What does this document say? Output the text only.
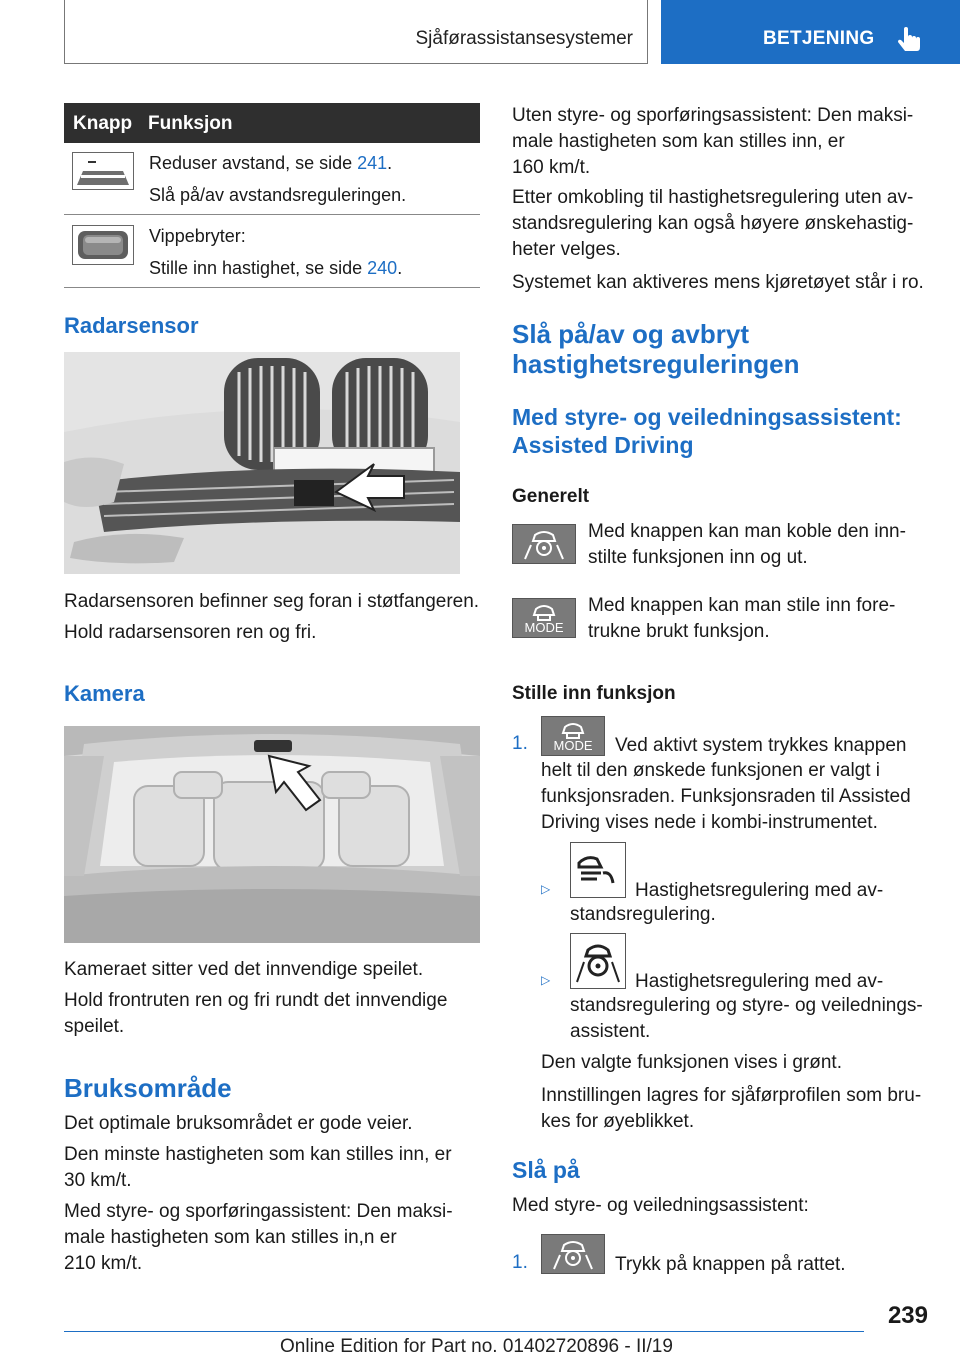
Sjåførassistansesystemer	BETJENING
Knapp Funksjon
Reduser avstand, se side 241.
Slå på/av avstandsreguleringen.
Vippebryter:
Stille inn hastighet, se side 240.
Radarsensor
Radarsensoren befinner seg foran i støtfangeren.
Hold radarsensoren ren og fri.
Kamera
Kameraet sitter ved det innvendige speilet.
Hold frontruten ren og fri rundt det innvendige
speilet.
Bruksområde
Det optimale bruksområdet er gode veier.
Den minste hastigheten som kan stilles inn, er
30 km/t.
Med styre- og sporføringassistent: Den maksi-
male hastigheten som kan stilles in,n er
210 km/t.
Uten styre- og sporføringsassistent: Den maksi-
male hastigheten som kan stilles inn, er
160 km/t.
Etter omkobling til hastighetsregulering uten av-
standsregulering kan også høyere ønskehastig-
heter velges.
Systemet kan aktiveres mens kjøretøyet står i ro.
Slå på/av og avbryt
hastighetsreguleringen
Med styre- og veiledningsassistent:
Assisted Driving
Generelt
Med knappen kan man koble den inn-
stilte funksjonen inn og ut.
MODE
Med knappen kan man stile inn fore-
trukne brukt funksjon.
Stille inn funksjon
1.	MODE	Ved aktivt system trykkes knappen
helt til den ønskede funksjonen er valgt i
funksjonsraden. Funksjonsraden til Assisted
Driving vises nede i kombi-instrumentet.
▷	Hastighetsregulering med av-
standsregulering.
▷	Hastighetsregulering med av-
standsregulering og styre- og veilednings-
assistent.
Den valgte funksjonen vises i grønt.
Innstillingen lagres for sjåførprofilen som bru-
kes for øyeblikket.
Slå på
Med styre- og veiledningsassistent:
1.	Trykk på knappen på rattet.
239
Online Edition for Part no. 01402720896 - II/19
